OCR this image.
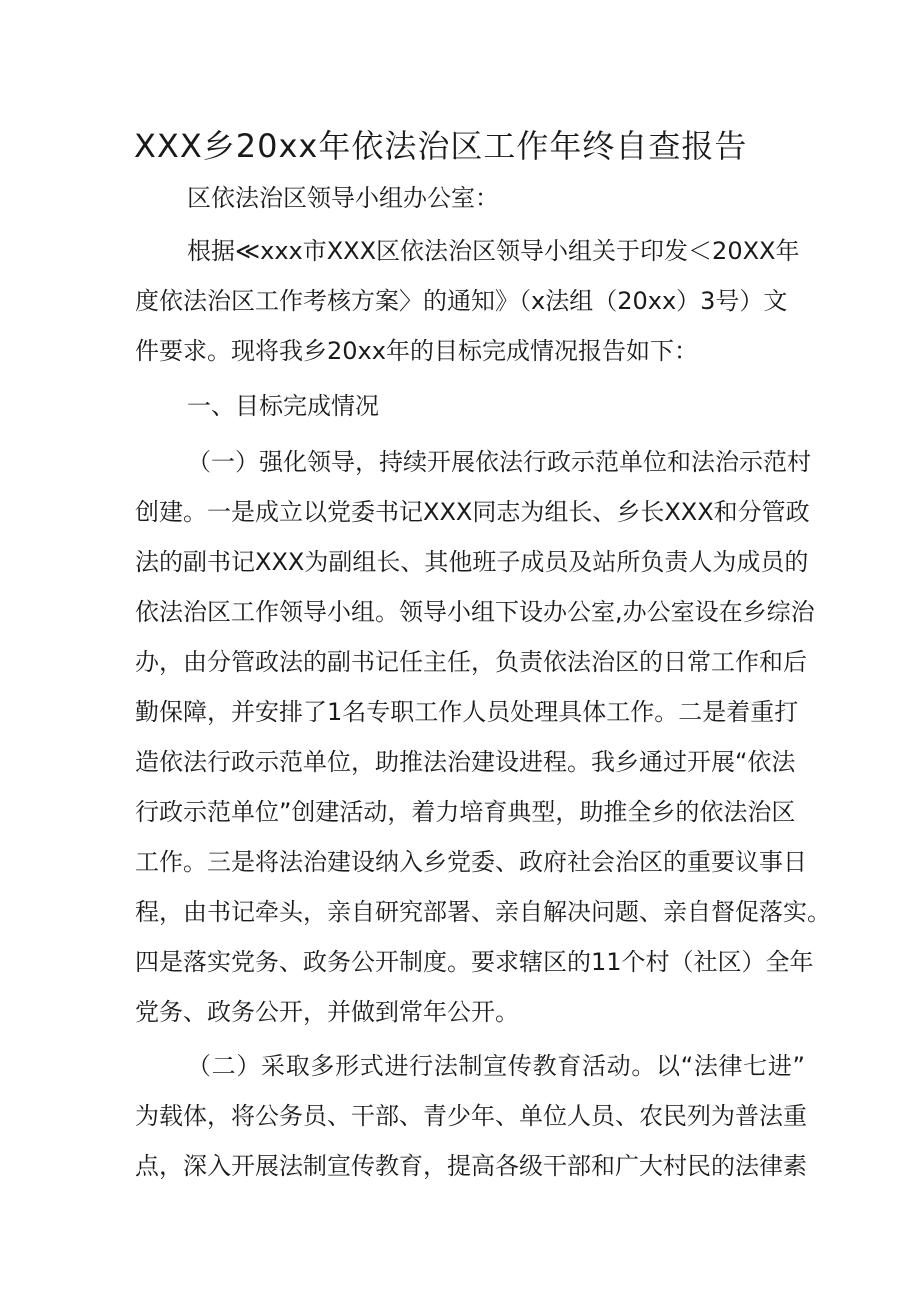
XXX乡20xx年依法治区工作年终自查报告

区依法治区领导小组办公室：

根据≪xxx市XXX区依法治区领导小组关于印发＜20XX年

度依法治区工作考核方案〉的通知》（x法组（20xx）3号）文

件要求。现将我乡20xx年的目标完成情况报告如下：

一、目标完成情况

（一）强化领导，持续开展依法行政示范单位和法治示范村

创建。一是成立以党委书记XXX同志为组长、乡长XXX和分管政

法的副书记XXX为副组长、其他班子成员及站所负责人为成员的

依法治区工作领导小组。领导小组下设办公室,办公室设在乡综治

办，由分管政法的副书记任主任，负责依法治区的日常工作和后

勤保障，并安排了1名专职工作人员处理具体工作。二是着重打

造依法行政示范单位，助推法治建设进程。我乡通过开展“依法

行政示范单位”创建活动，着力培育典型，助推全乡的依法治区

工作。三是将法治建设纳入乡党委、政府社会治区的重要议事日

程，由书记牵头，亲自研究部署、亲自解决问题、亲自督促落实。

四是落实党务、政务公开制度。要求辖区的11个村（社区）全年

党务、政务公开，并做到常年公开。

（二）采取多形式进行法制宣传教育活动。以“法律七进”

为载体，将公务员、干部、青少年、单位人员、农民列为普法重

点，深入开展法制宣传教育，提高各级干部和广大村民的法律素
